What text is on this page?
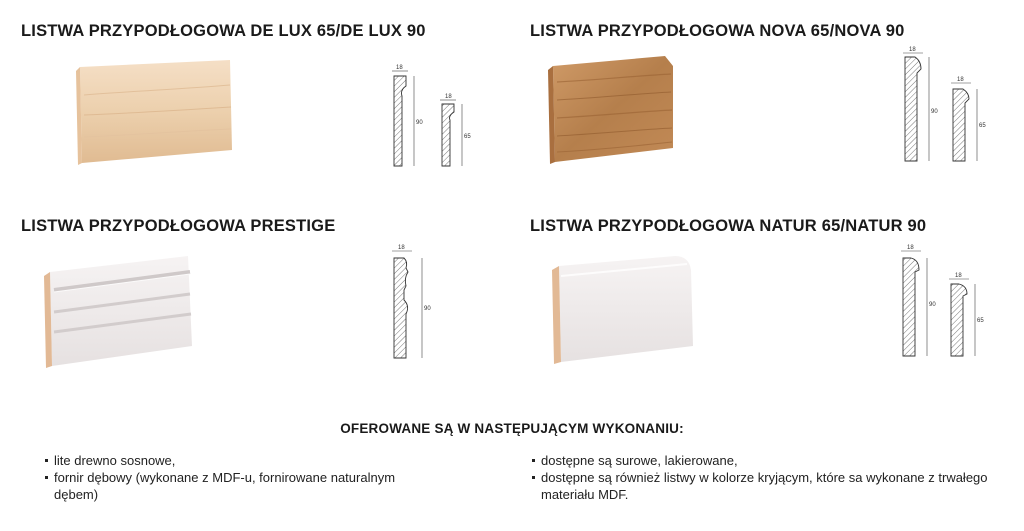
LISTWA PRZYPODŁOGOWA DE LUX 65/DE LUX 90
18
90
18
65
LISTWA PRZYPODŁOGOWA NOVA 65/NOVA 90
18
90
18
65
LISTWA PRZYPODŁOGOWA PRESTIGE
18
90
LISTWA PRZYPODŁOGOWA NATUR 65/NATUR 90
18
90
18
65
OFEROWANE SĄ W NASTĘPUJĄCYM WYKONANIU:
lite drewno sosnowe,
fornir dębowy (wykonane z MDF-u, fornirowane naturalnym dębem)
dostępne są surowe, lakierowane,
dostępne są również listwy w kolorze kryjącym, które sa wykonane z trwałego materiału MDF.
